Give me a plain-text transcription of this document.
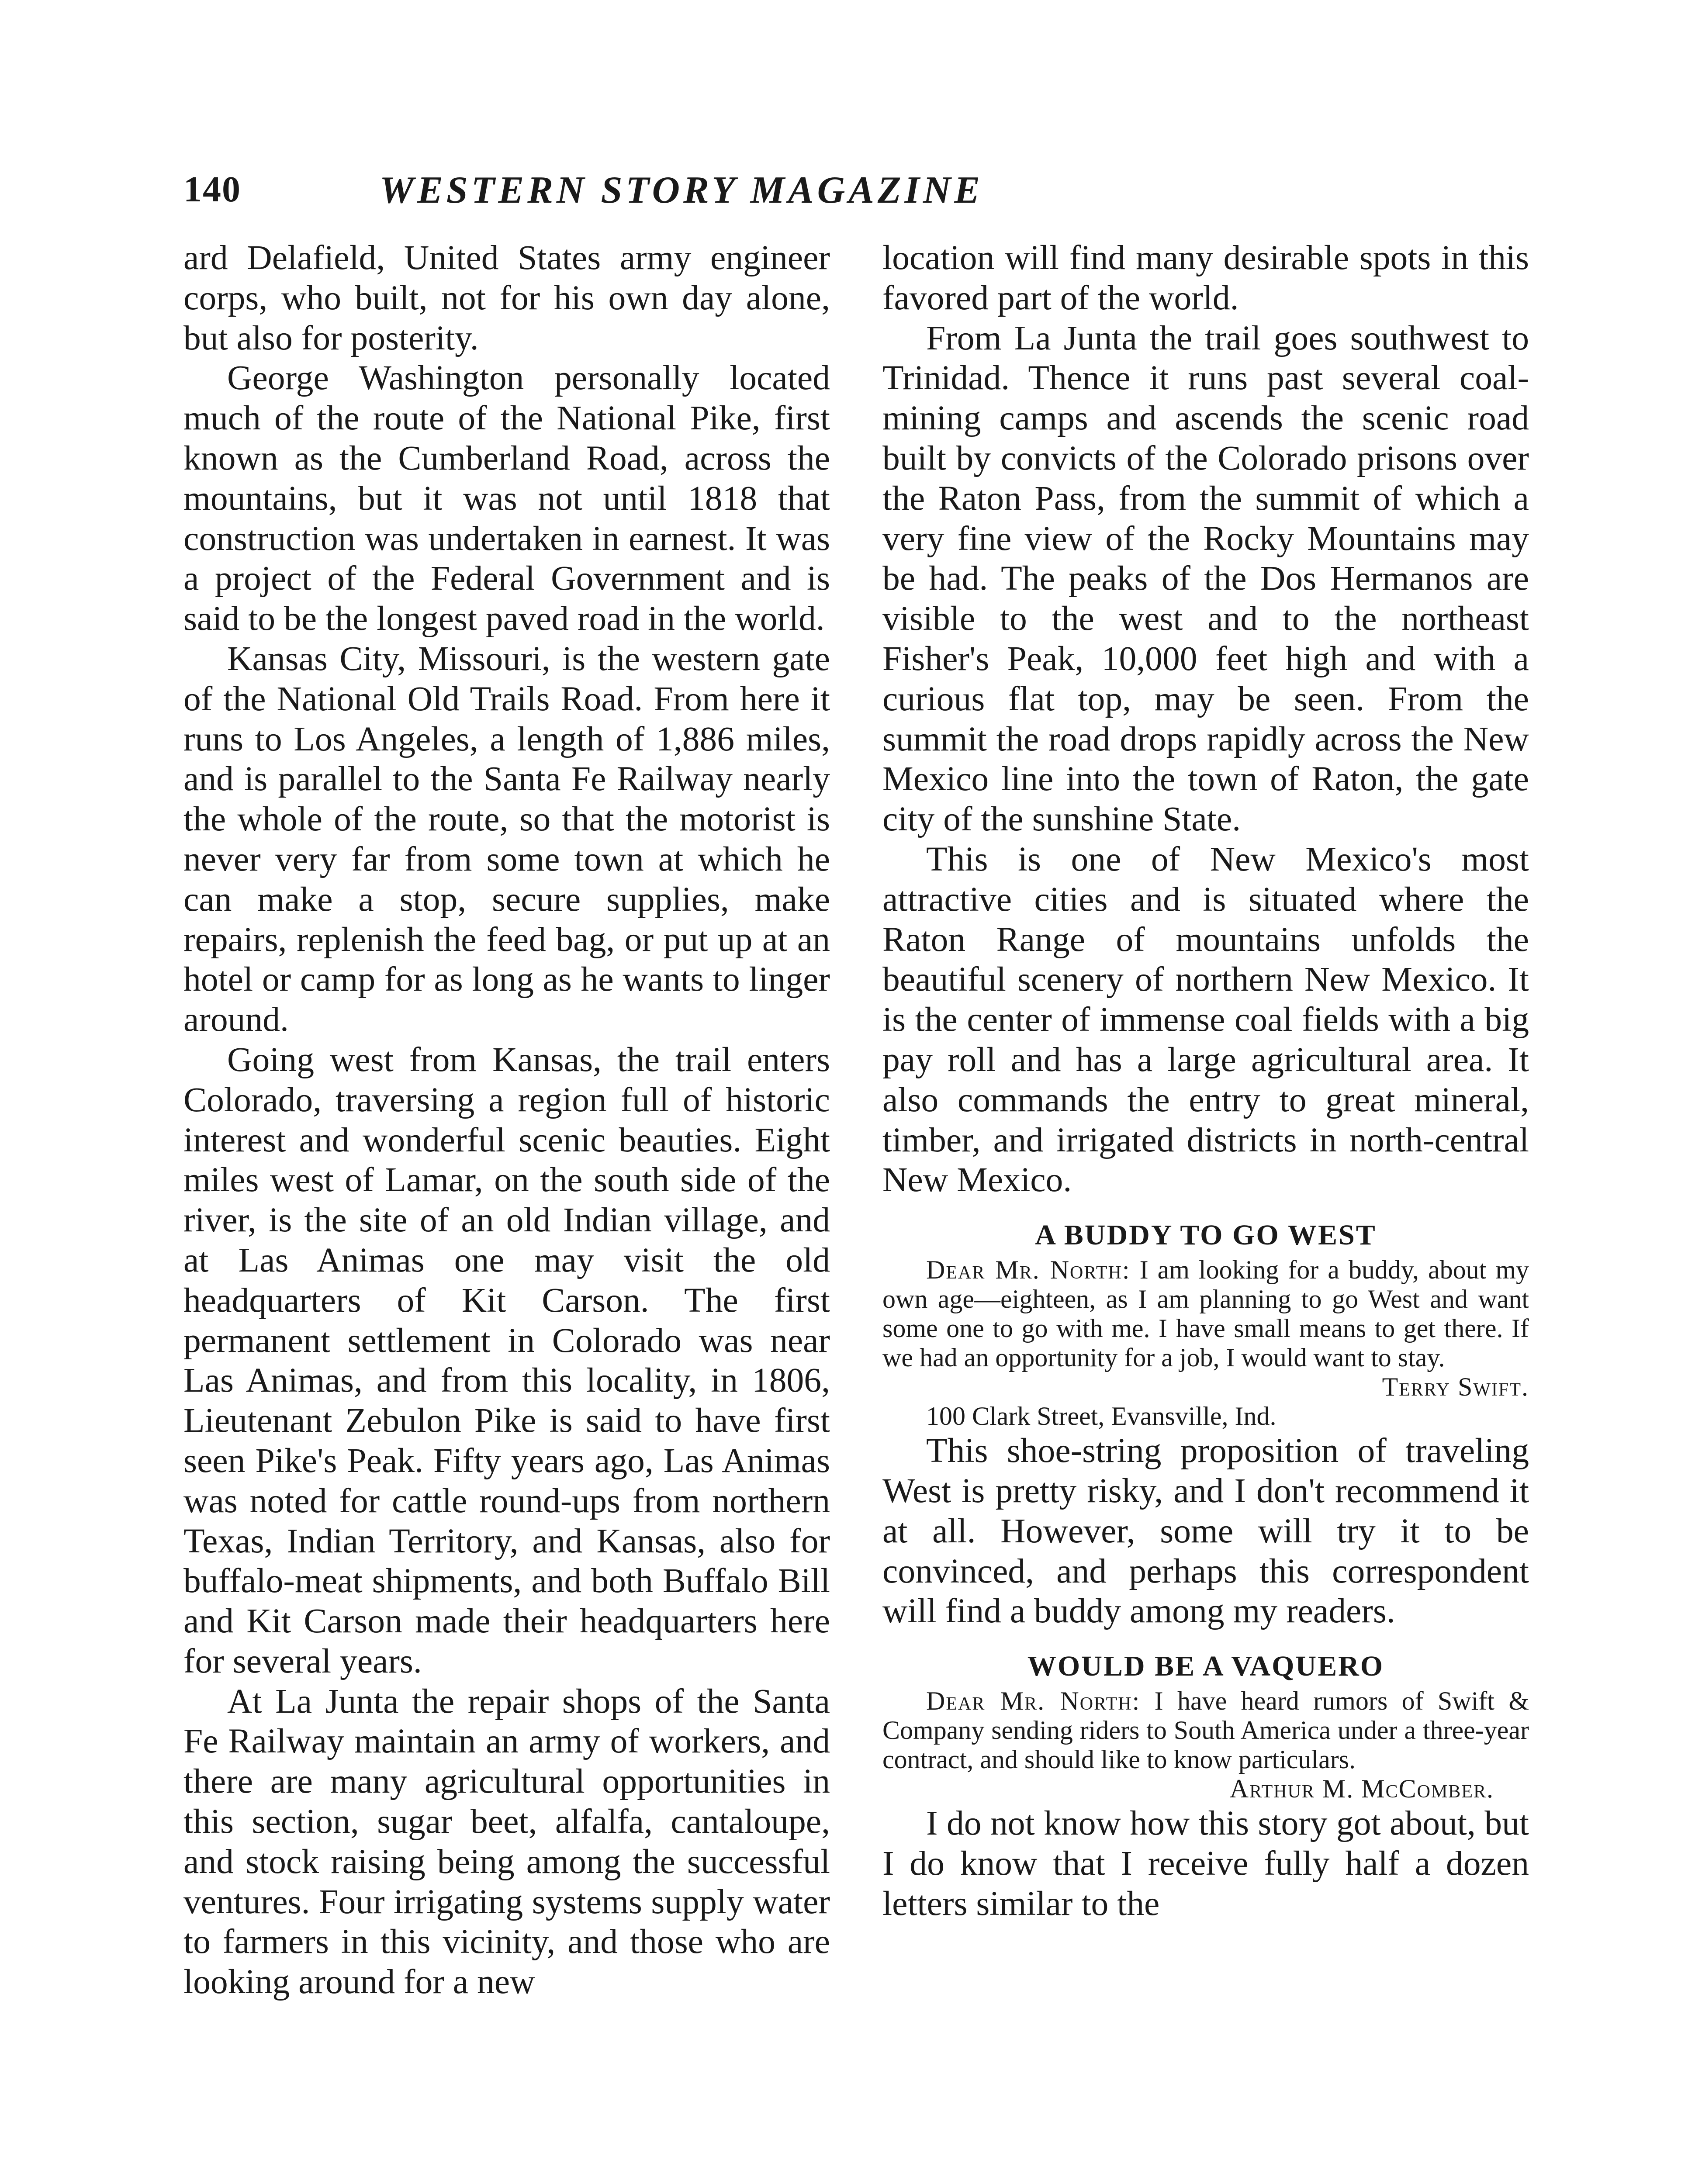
140	WESTERN STORY MAGAZINE

ard Delafield, United States army engineer corps, who built, not for his own day alone, but also for posterity.

George Washington personally located much of the route of the National Pike, first known as the Cumberland Road, across the mountains, but it was not until 1818 that construction was undertaken in earnest. It was a project of the Federal Government and is said to be the longest paved road in the world.

Kansas City, Missouri, is the western gate of the National Old Trails Road. From here it runs to Los Angeles, a length of 1,886 miles, and is parallel to the Santa Fe Railway nearly the whole of the route, so that the motorist is never very far from some town at which he can make a stop, secure supplies, make repairs, replenish the feed bag, or put up at an hotel or camp for as long as he wants to linger around.

Going west from Kansas, the trail enters Colorado, traversing a region full of historic interest and wonderful scenic beauties. Eight miles west of Lamar, on the south side of the river, is the site of an old Indian village, and at Las Animas one may visit the old headquarters of Kit Carson. The first permanent settlement in Colorado was near Las Animas, and from this locality, in 1806, Lieutenant Zebulon Pike is said to have first seen Pike's Peak. Fifty years ago, Las Animas was noted for cattle round-ups from northern Texas, Indian Territory, and Kansas, also for buffalo-meat shipments, and both Buffalo Bill and Kit Carson made their headquarters here for several years.

At La Junta the repair shops of the Santa Fe Railway maintain an army of workers, and there are many agricultural opportunities in this section, sugar beet, alfalfa, cantaloupe, and stock raising being among the successful ventures. Four irrigating systems supply water to farmers in this vicinity, and those who are looking around for a new

location will find many desirable spots in this favored part of the world.

From La Junta the trail goes southwest to Trinidad. Thence it runs past several coal-mining camps and ascends the scenic road built by convicts of the Colorado prisons over the Raton Pass, from the summit of which a very fine view of the Rocky Mountains may be had. The peaks of the Dos Hermanos are visible to the west and to the northeast Fisher's Peak, 10,000 feet high and with a curious flat top, may be seen. From the summit the road drops rapidly across the New Mexico line into the town of Raton, the gate city of the sunshine State.

This is one of New Mexico's most attractive cities and is situated where the Raton Range of mountains unfolds the beautiful scenery of northern New Mexico. It is the center of immense coal fields with a big pay roll and has a large agricultural area. It also commands the entry to great mineral, timber, and irrigated districts in north-central New Mexico.

A BUDDY TO GO WEST

Dear Mr. North: I am looking for a buddy, about my own age—eighteen, as I am planning to go West and want some one to go with me. I have small means to get there. If we had an opportunity for a job, I would want to stay.

Terry Swift.

100 Clark Street, Evansville, Ind.

This shoe-string proposition of traveling West is pretty risky, and I don't recommend it at all. However, some will try it to be convinced, and perhaps this correspondent will find a buddy among my readers.

WOULD BE A VAQUERO

Dear Mr. North: I have heard rumors of Swift & Company sending riders to South America under a three-year contract, and should like to know particulars.

Arthur M. McComber.

I do not know how this story got about, but I do know that I receive fully half a dozen letters similar to the
